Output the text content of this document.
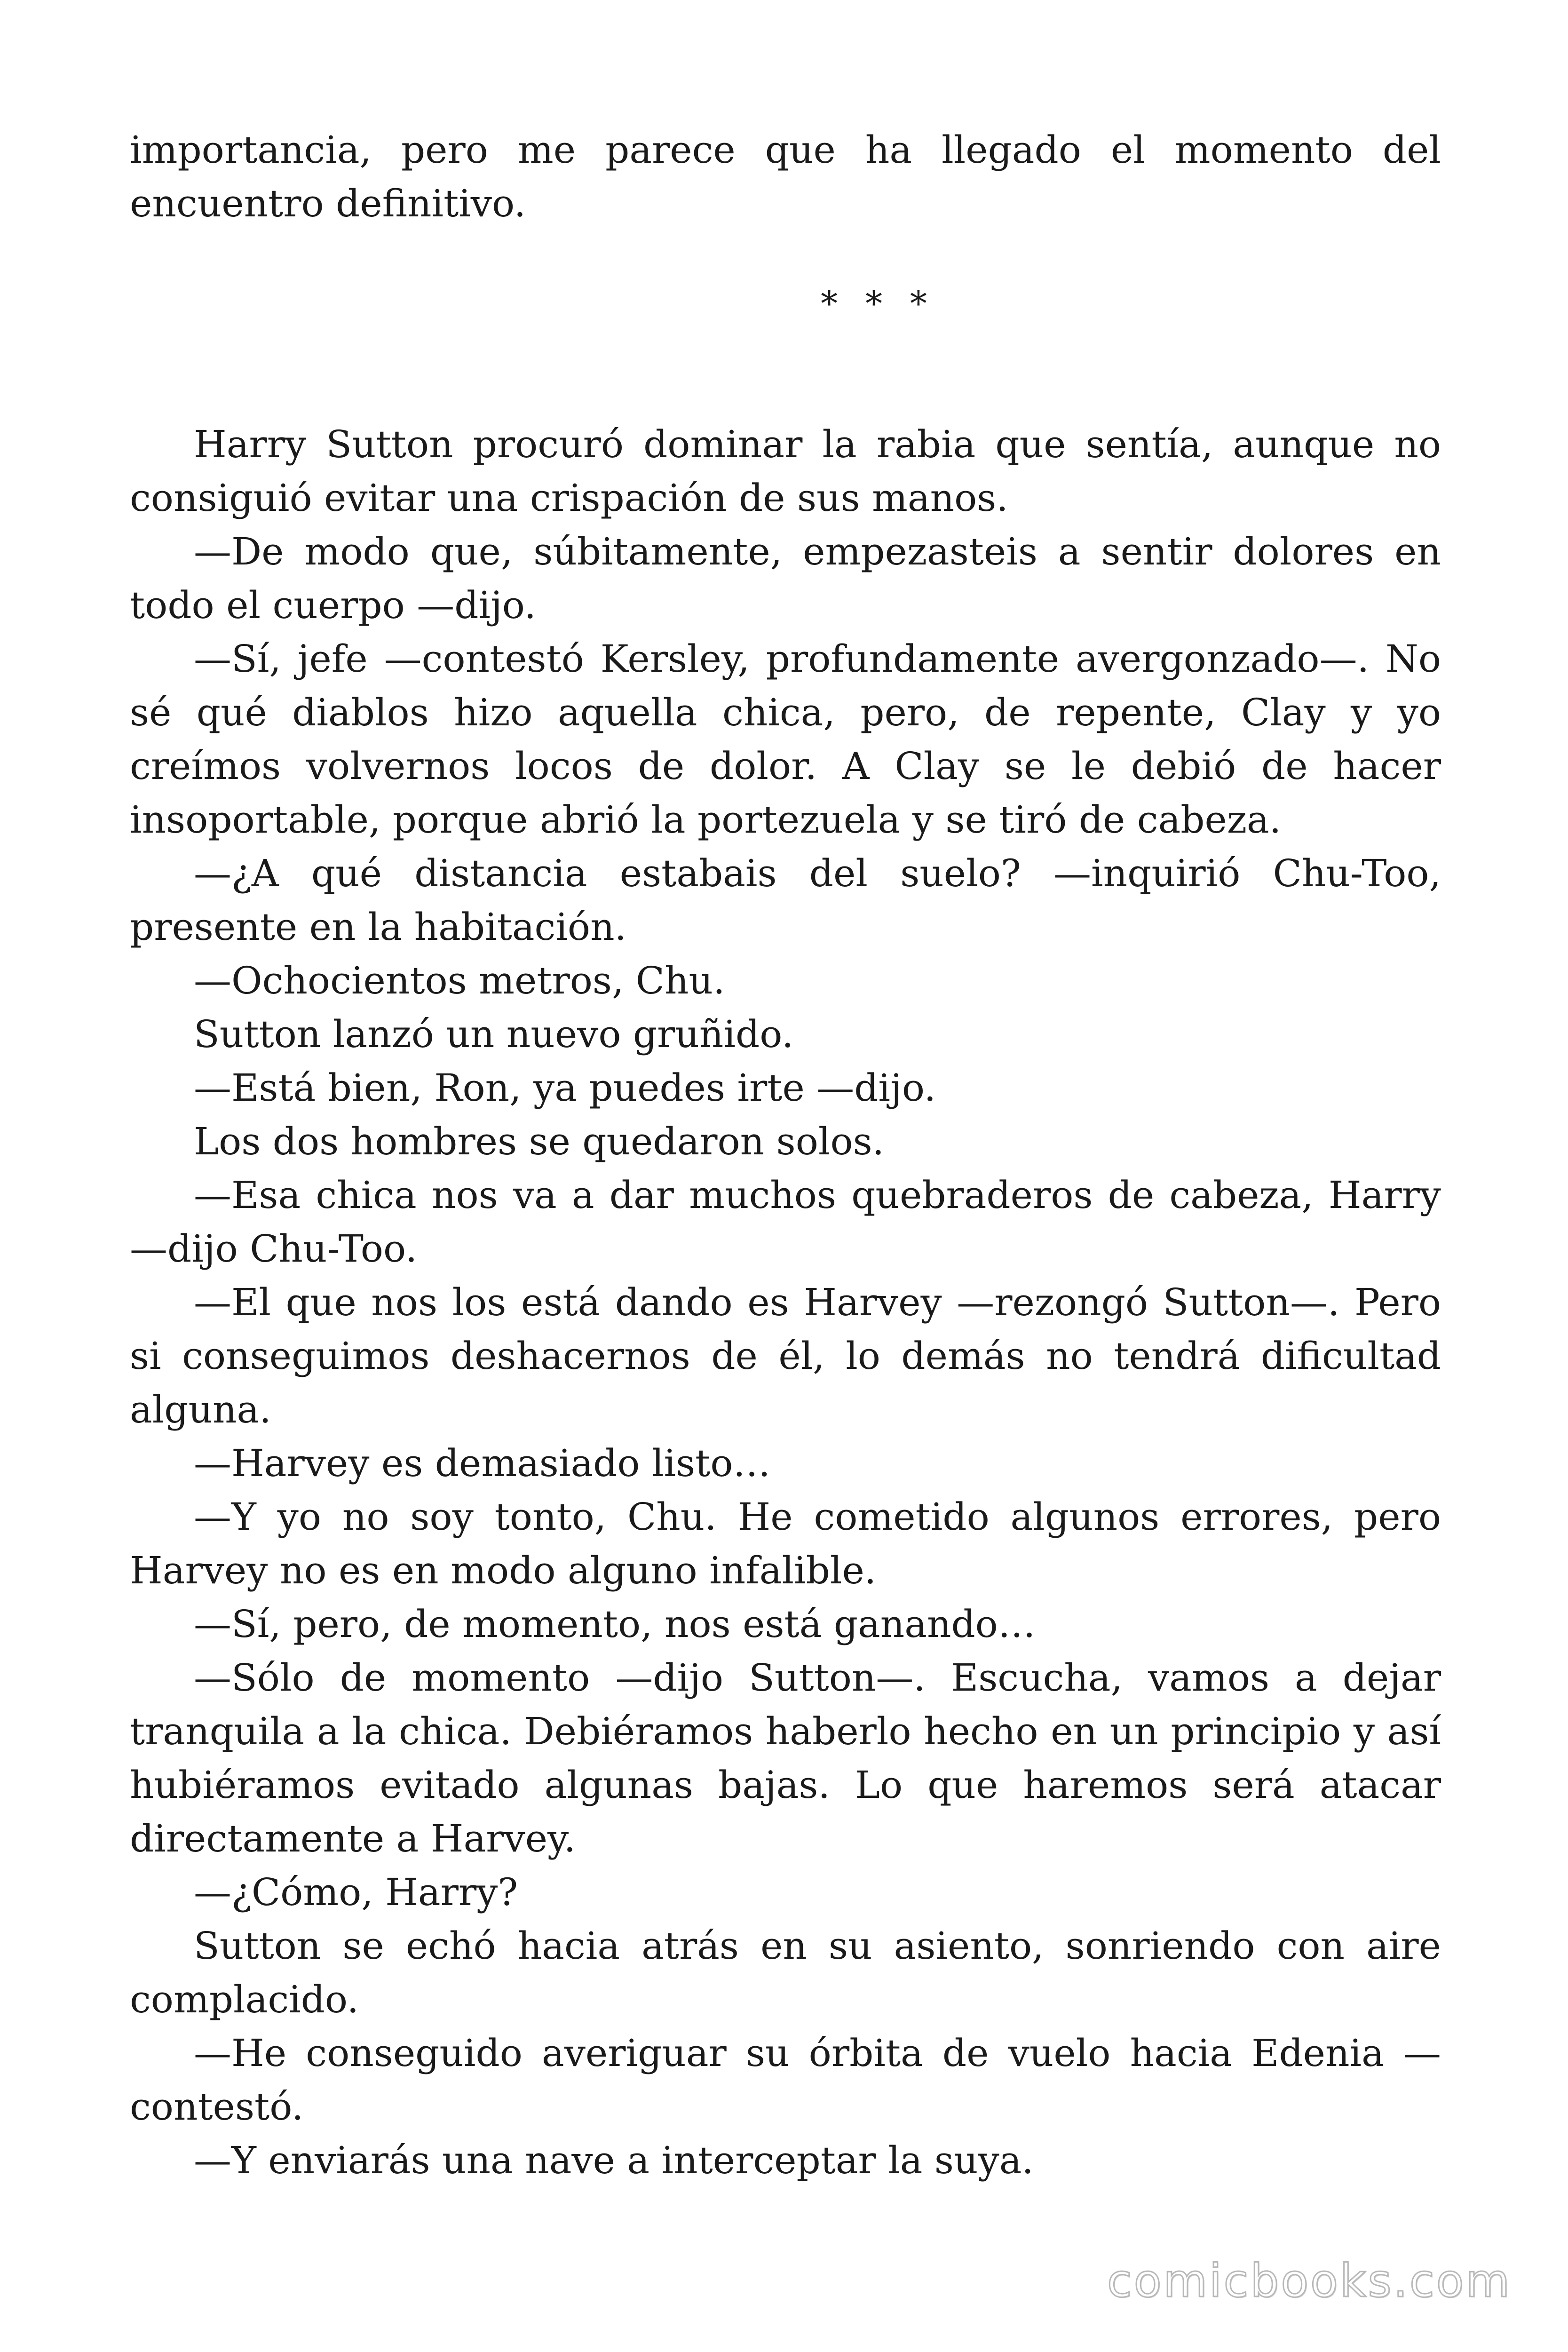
importancia, pero me parece que ha llegado el momento del encuentro definitivo.

* * *

Harry Sutton procuró dominar la rabia que sentía, aunque no consiguió evitar una crispación de sus manos.

—De modo que, súbitamente, empezasteis a sentir dolores en todo el cuerpo —dijo.

—Sí, jefe —contestó Kersley, profundamente avergonzado—. No sé qué diablos hizo aquella chica, pero, de repente, Clay y yo creímos volvernos locos de dolor. A Clay se le debió de hacer insoportable, porque abrió la portezuela y se tiró de cabeza.

—¿A qué distancia estabais del suelo? —inquirió Chu-Too, presente en la habitación.

—Ochocientos metros, Chu.

Sutton lanzó un nuevo gruñido.

—Está bien, Ron, ya puedes irte —dijo.

Los dos hombres se quedaron solos.

—Esa chica nos va a dar muchos quebraderos de cabeza, Harry —dijo Chu-Too.

—El que nos los está dando es Harvey —rezongó Sutton—. Pero si conseguimos deshacernos de él, lo demás no tendrá dificultad alguna.

—Harvey es demasiado listo…

—Y yo no soy tonto, Chu. He cometido algunos errores, pero Harvey no es en modo alguno infalible.

—Sí, pero, de momento, nos está ganando…

—Sólo de momento —dijo Sutton—. Escucha, vamos a dejar tranquila a la chica. Debiéramos haberlo hecho en un principio y así hubiéramos evitado algunas bajas. Lo que haremos será atacar directamente a Harvey.

—¿Cómo, Harry?

Sutton se echó hacia atrás en su asiento, sonriendo con aire complacido.

—He conseguido averiguar su órbita de vuelo hacia Edenia — contestó.

—Y enviarás una nave a interceptar la suya.

comicbooks.com
